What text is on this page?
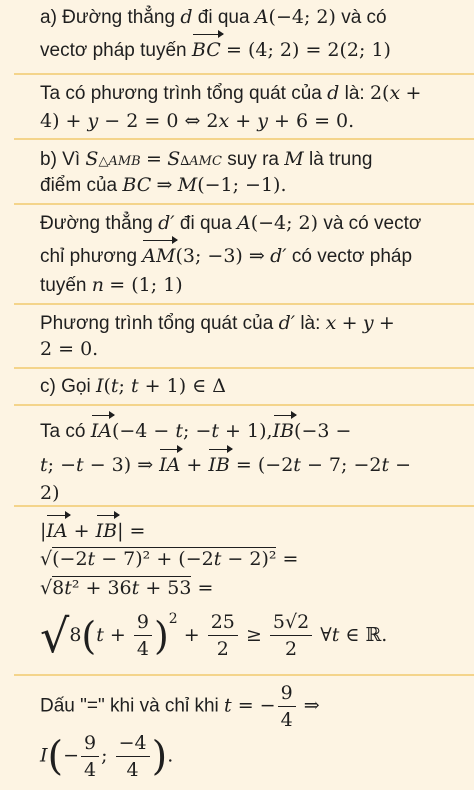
a) Đường thẳng d đi qua A(−4; 2) và có
vectơ pháp tuyến BC = (4; 2) = 2(2; 1)
Ta có phương trình tổng quát của d là: 2(x +
4) + y − 2 = 0 ⇔ 2x + y + 6 = 0.
b) Vì S△AMB = S∆AMC suy ra M là trung
điểm của BC ⇒ M(−1; −1).
Đường thẳng d′ đi qua A(−4; 2) và có vectơ
chỉ phương AM(3; −3) ⇒ d′ có vectơ pháp
tuyến n = (1; 1)
Phương trình tổng quát của d′ là: x + y +
2 = 0.
c) Gọi I(t; t + 1) ∈ Δ
Ta có IA(−4 − t; −t + 1),IB(−3 −
t; −t − 3) ⇒ IA + IB = (−2t − 7; −2t −
2)
|IA + IB| =
√(−2t − 7)² + (−2t − 2)² =
√8t² + 36t + 53 =
$√8(t + \frac{9}{4} )^2 + \frac{25}{2} \ge \frac{5√2}{2}$ ∀t ∈ ℝ.
Dấu "=" khi và chỉ khi t = − $\frac{9}{4}$ ⇒
$I(- \frac{9}{4}$ ; $\frac{-4}{4}$ ).
